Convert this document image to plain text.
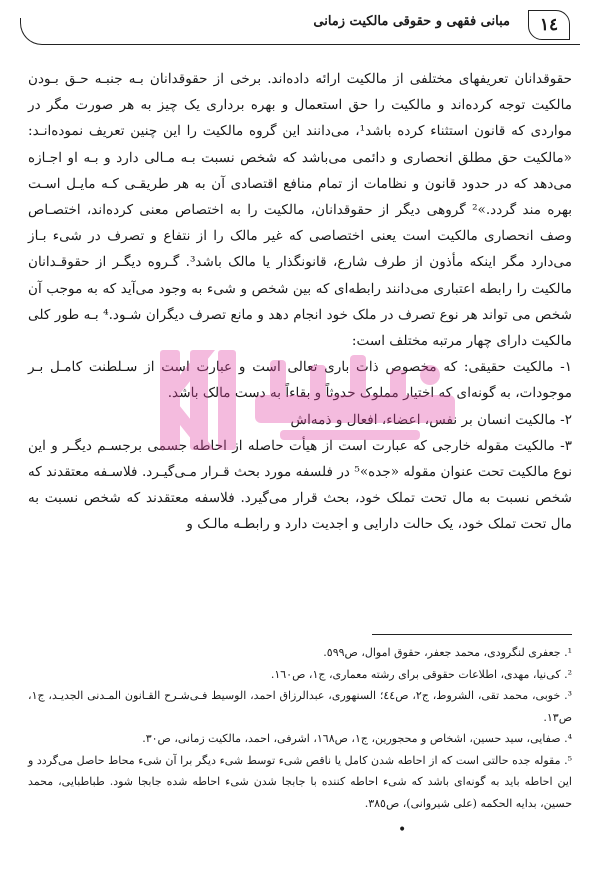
مبانی فقهی و حقوقی مالکیت زمانی	١٤

حقوقدانان تعریفهای مختلفی از مالکیت ارائه داده‌اند. برخی از حقوقدانان بـه جنبـه حـق بـودن مالکیت توجه کرده‌اند و مالکیت را حق استعمال و بهره برداری یک چیز به هر صورت مگر در مواردی که قانون استثناء کرده باشد¹، می‌دانند این گروه مالکیت را این چنین تعریف نموده‌انـد: «مالکیت حق مطلق انحصاری و دائمی می‌باشد که شخص نسبت بـه مـالی دارد و بـه او اجـازه می‌دهد که در حدود قانون و نظامات از تمام منافع اقتصادی آن به هر طریقـی کـه مایـل اسـت بهره مند گردد.»² گروهی دیگر از حقوقدانان، مالکیت را به اختصاص معنی کرده‌اند، اختصـاص وصف انحصاری مالکیت است یعنی اختصاصی که غیر مالک را از نتفاع و تصرف در شیء بـاز می‌دارد مگر اینکه مأذون از طرف شارع، قانونگذار یا مالک باشد³. گـروه دیگـر از حقوقـدانان مالکیت را رابطه اعتباری می‌دانند رابطه‌ای که بین شخص و شیء به وجود می‌آید که به موجب آن شخص می تواند هر نوع تصرف در ملک خود انجام دهد و مانع تصرف دیگران شـود.⁴ بـه طور کلی مالکیت دارای چهار مرتبه مختلف است:

١- مالکیت حقیقی: که مخصوص ذات باری تعالی است و عبارت است از سـلطنت کامـل بـر موجودات، به گونه‌ای که اختیار مملوک حدوثاً و بقاءاً به دست مالک باشد.

٢- مالکیت انسان بر نفس، اعضاء، افعال و ذمه‌اش

٣- مالکیت مقوله خارجی که عبارت است از هیأت حاصله از احاطه جسمی برجسـم دیگـر و این نوع مالکیت تحت عنوان مقوله «جده»⁵ در فلسفه مورد بحث قـرار مـی‌گیـرد. فلاسـفه معتقدند که شخص نسبت به مال تحت تملک خود، بحث قرار می‌گیرد. فلاسفه معتقدند که شخص نسبت به مال تحت تملک خود، یک حالت دارایی و اجدیت دارد و رابطـه مالـک و

¹. جعفری لنگرودی، محمد جعفر، حقوق اموال، ص٥٩٩.

². کی‌نیا، مهدی، اطلاعات حقوقی برای رشته معماری، ج١، ص١٦٠.

³. خوبی، محمد تقی، الشروط، ج٢، ص٤٤؛ السنهوری، عبدالرزاق احمد، الوسیط فـی‌شـرح القـانون المـدنی الجدیـد، ج١، ص١٣.

⁴. صفایی، سید حسین، اشخاص و محجورین، ج١، ص١٦٨، اشرفی، احمد، مالکیت زمانی، ص٣٠.

⁵. مقوله جده حالتی است که از احاطه شدن کامل یا ناقص شیء توسط شیء دیگر برا آن شیء محاط حاصل می‌گردد و این احاطه باید به گونه‌ای باشد که شیء احاطه کننده با جابجا شدن شیء احاطه شده جابجا شود. طباطبایی، محمد حسین، بدایه الحکمه (علی شیروانی)، ص٣٨٥.

•
